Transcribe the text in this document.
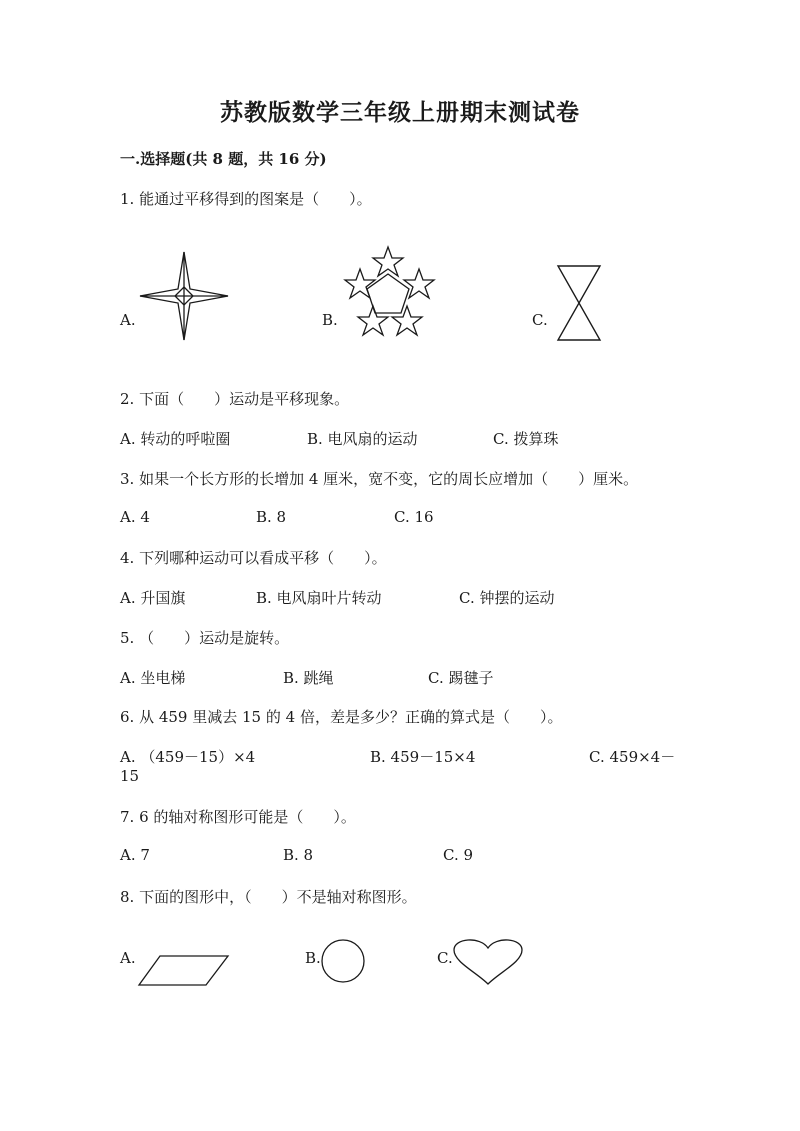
苏教版数学三年级上册期末测试卷
一.选择题(共 8 题，共 16 分)
1. 能通过平移得到的图案是（　　）。
A.	B.	C.
2. 下面（　　）运动是平移现象。
A. 转动的呼啦圈	B. 电风扇的运动	C. 拨算珠
3. 如果一个长方形的长增加 4 厘米，宽不变，它的周长应增加（　　）厘米。
A. 4	B. 8	C. 16
4. 下列哪种运动可以看成平移（　　）。
A. 升国旗	B. 电风扇叶片转动	C. 钟摆的运动
5. （　　）运动是旋转。
A. 坐电梯	B. 跳绳	C. 踢毽子
6. 从 459 里减去 15 的 4 倍，差是多少？正确的算式是（　　）。
A. （459－15）×4	B. 459－15×4	C. 459×4－
15
7. 6 的轴对称图形可能是（　　）。
A. 7	B. 8	C. 9
8. 下面的图形中，（　　）不是轴对称图形。
A.	B.	C.
